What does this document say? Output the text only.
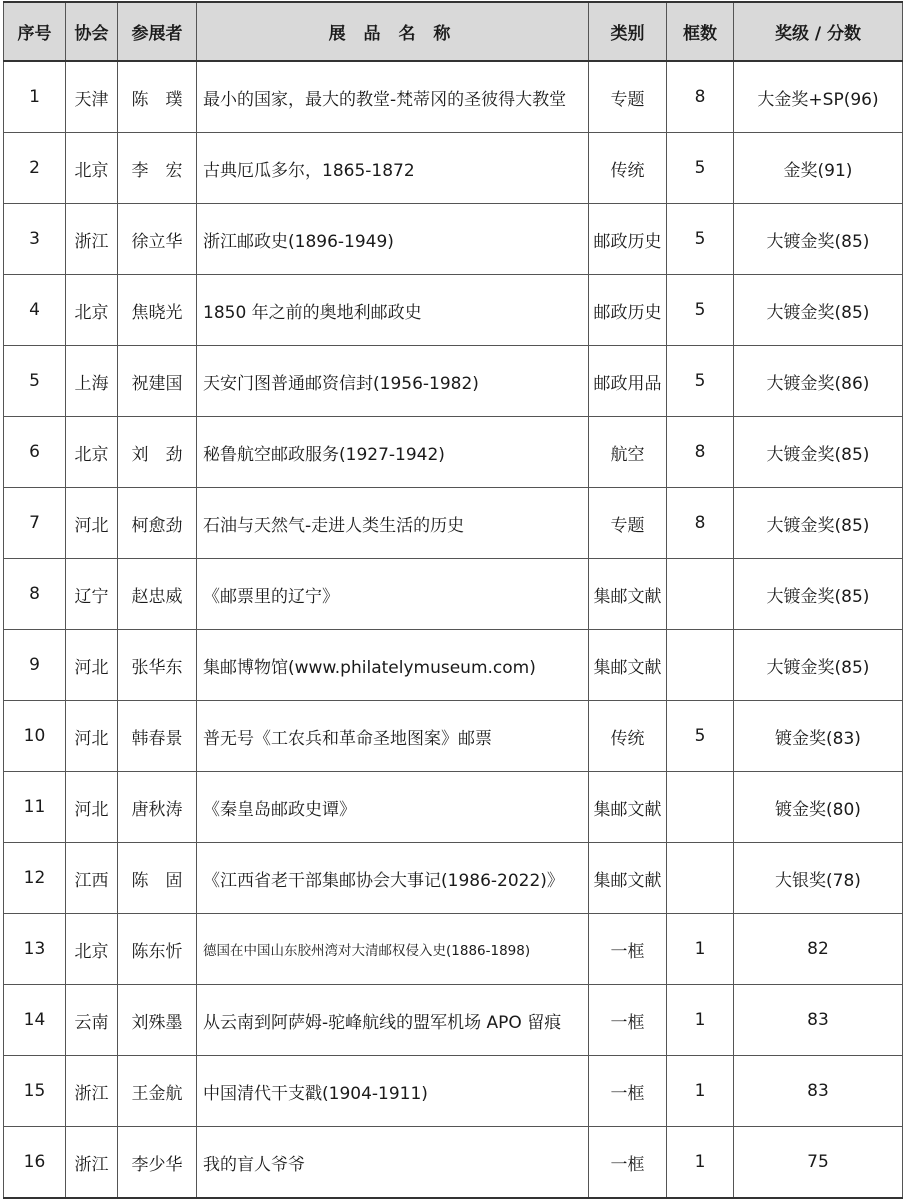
序号	协会	参展者	展 品 名 称	类别	框数	奖级 / 分数
1	天津	陈　璞	最小的国家，最大的教堂-梵蒂冈的圣彼得大教堂	专题	8	大金奖+SP(96)
2	北京	李　宏	古典厄瓜多尔，1865-1872	传统	5	金奖(91)
3	浙江	徐立华	浙江邮政史(1896-1949)	邮政历史	5	大镀金奖(85)
4	北京	焦晓光	1850 年之前的奥地利邮政史	邮政历史	5	大镀金奖(85)
5	上海	祝建国	天安门图普通邮资信封(1956-1982)	邮政用品	5	大镀金奖(86)
6	北京	刘　劲	秘鲁航空邮政服务(1927-1942)	航空	8	大镀金奖(85)
7	河北	柯愈劲	石油与天然气-走进人类生活的历史	专题	8	大镀金奖(85)
8	辽宁	赵忠威	《邮票里的辽宁》	集邮文献		大镀金奖(85)
9	河北	张华东	集邮博物馆(www.philatelymuseum.com)	集邮文献		大镀金奖(85)
10	河北	韩春景	普无号《工农兵和革命圣地图案》邮票	传统	5	镀金奖(83)
11	河北	唐秋涛	《秦皇岛邮政史谭》	集邮文献		镀金奖(80)
12	江西	陈　固	《江西省老干部集邮协会大事记(1986-2022)》	集邮文献		大银奖(78)
13	北京	陈东忻	德国在中国山东胶州湾对大清邮权侵入史(1886-1898)	一框	1	82
14	云南	刘殊墨	从云南到阿萨姆-驼峰航线的盟军机场 APO 留痕	一框	1	83
15	浙江	王金航	中国清代干支戳(1904-1911)	一框	1	83
16	浙江	李少华	我的盲人爷爷	一框	1	75
